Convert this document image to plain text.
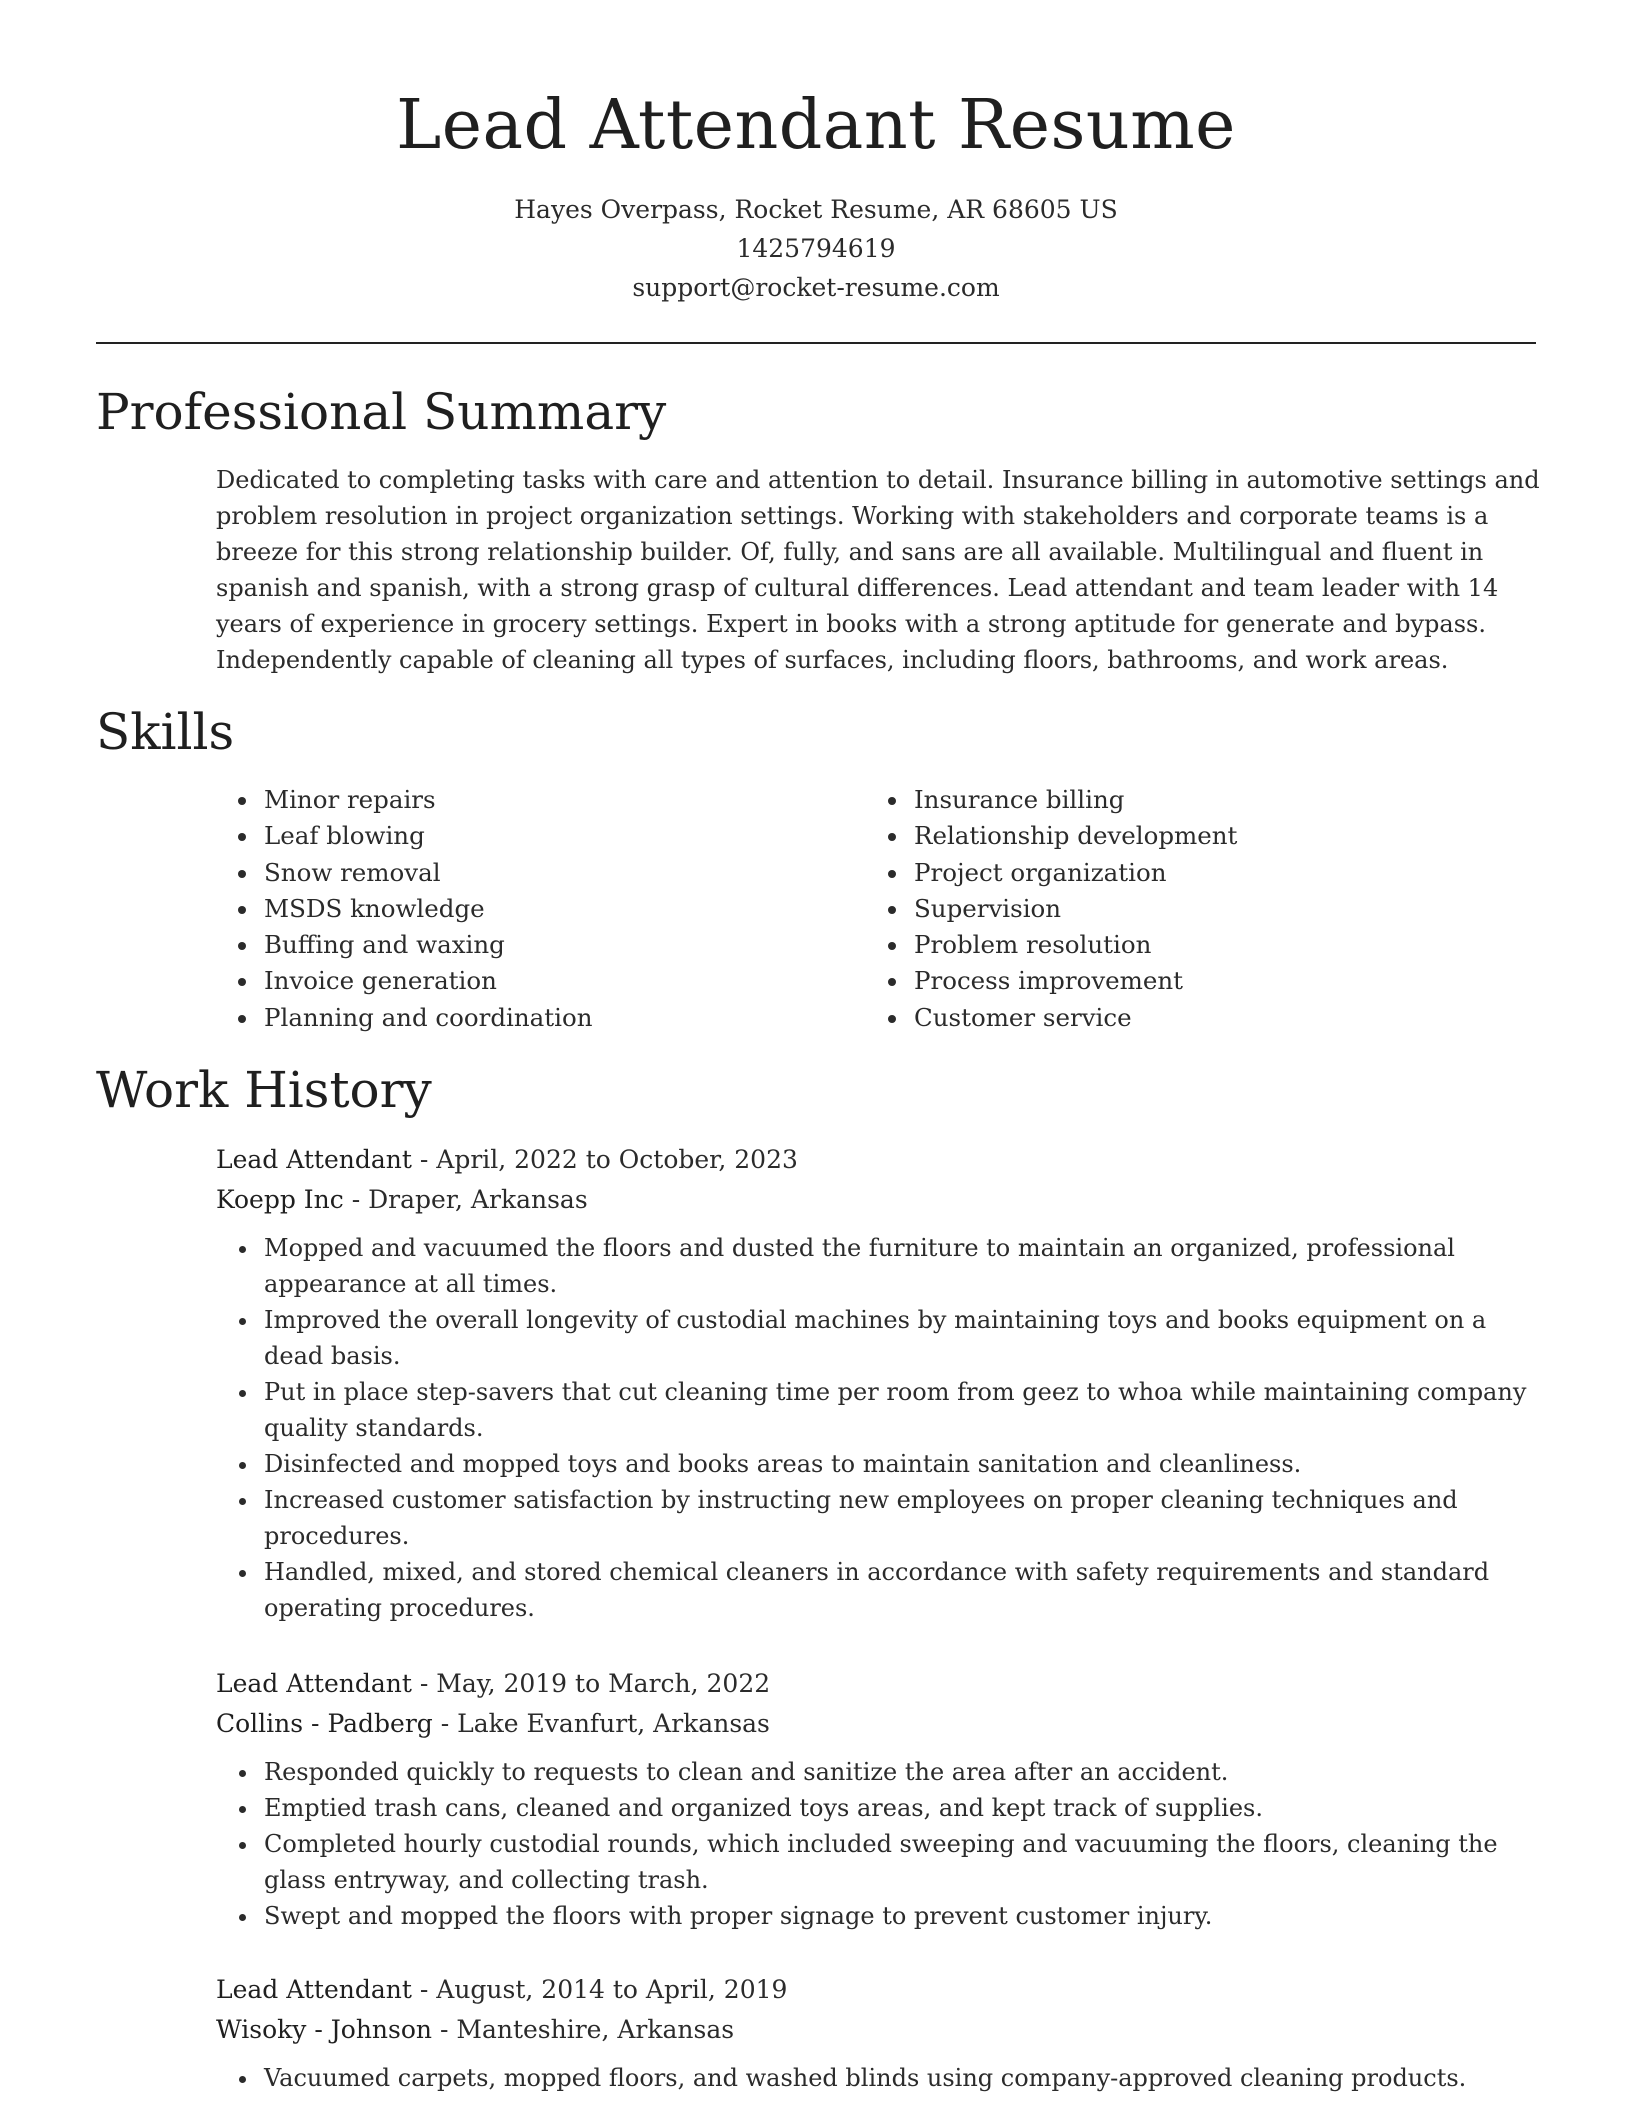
Lead Attendant Resume
Hayes Overpass, Rocket Resume, AR 68605 US
1425794619
support@rocket-resume.com
Professional Summary

Dedicated to completing tasks with care and attention to detail. Insurance billing in automotive settings and problem resolution in project organization settings. Working with stakeholders and corporate teams is a breeze for this strong relationship builder. Of, fully, and sans are all available. Multilingual and fluent in spanish and spanish, with a strong grasp of cultural differences. Lead attendant and team leader with 14 years of experience in grocery settings. Expert in books with a strong aptitude for generate and bypass. Independently capable of cleaning all types of surfaces, including floors, bathrooms, and work areas.

Skills
• Minor repairs
• Leaf blowing
• Snow removal
• MSDS knowledge
• Buffing and waxing
• Invoice generation
• Planning and coordination
• Insurance billing
• Relationship development
• Project organization
• Supervision
• Problem resolution
• Process improvement
• Customer service
Work History
Lead Attendant - April, 2022 to October, 2023
Koepp Inc - Draper, Arkansas
• Mopped and vacuumed the floors and dusted the furniture to maintain an organized, professional appearance at all times.
• Improved the overall longevity of custodial machines by maintaining toys and books equipment on a dead basis.
• Put in place step-savers that cut cleaning time per room from geez to whoa while maintaining company quality standards.
• Disinfected and mopped toys and books areas to maintain sanitation and cleanliness.
• Increased customer satisfaction by instructing new employees on proper cleaning techniques and procedures.
• Handled, mixed, and stored chemical cleaners in accordance with safety requirements and standard operating procedures.
Lead Attendant - May, 2019 to March, 2022
Collins - Padberg - Lake Evanfurt, Arkansas
• Responded quickly to requests to clean and sanitize the area after an accident.
• Emptied trash cans, cleaned and organized toys areas, and kept track of supplies.
• Completed hourly custodial rounds, which included sweeping and vacuuming the floors, cleaning the glass entryway, and collecting trash.
• Swept and mopped the floors with proper signage to prevent customer injury.
Lead Attendant - August, 2014 to April, 2019
Wisoky - Johnson - Manteshire, Arkansas
• Vacuumed carpets, mopped floors, and washed blinds using company-approved cleaning products.
